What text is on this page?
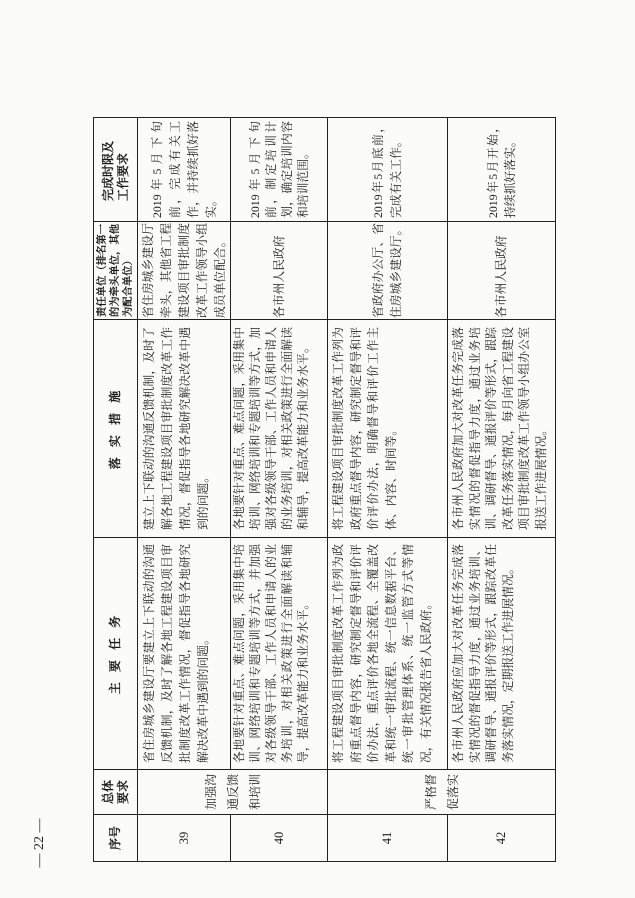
序号	总体要求	主 要 任 务	落 实 措 施	责任单位（排名第一的为牵头单位，其他为配合单位）	完成时限及工作要求
39	加强沟通反馈和培训	省住房城乡建设厅要建立上下联动的沟通反馈机制，及时了解各地工程建设项目审批制度改革工作情况，督促指导各地研究解决改革中遇到的问题。	建立上下联动的沟通反馈机制，及时了解各地工程建设项目审批制度改革工作情况，督促指导各地研究解决改革中遇到的问题。	省住房城乡建设厅牵头，其他省工程建设项目审批制度改革工作领导小组成员单位配合。	2019年5月下旬前，完成有关工作，并持续抓好落实。
40		各地要针对重点、难点问题，采用集中培训、网络培训和专题培训等方式，并加强对各级领导干部、工作人员和申请人的业务培训，对相关政策进行全面解读和辅导，提高改革能力和业务水平。	各地要针对重点、难点问题，采用集中培训、网络培训和专题培训等方式，加强对各级领导干部、工作人员和申请人的业务培训，对相关政策进行全面解读和辅导，提高改革能力和业务水平。	各市州人民政府	2019年5月下旬前，制定培训计划，确定培训内容和培训范围。
41	严格督促落实	将工程建设项目审批制度改革工作列为政府重点督导内容，研究制定督导和评价评价办法，重点评价各地全流程、全覆盖改革和统一审批流程、统一信息数据平台、统一审批管理体系、统一监管方式等情况，有关情况报告省人民政府。	将工程建设项目审批制度改革工作列为政府重点督导内容，研究制定督导和评价评价办法，明确督导和评价工作主体、内容、时间等。	省政府办公厅、省住房城乡建设厅。	2019年5月底前，完成有关工作。
42		各市州人民政府应加大对改革任务完成落实情况的督促指导力度，通过业务培训、调研督导、通报评价等形式，跟踪改革任务落实情况，定期报送工作进展情况。	各市州人民政府加大对改革任务完成落实情况的督促指导力度，通过业务培训、调研督导、通报评价等形式，跟踪改革任务落实情况，每月向省工程建设项目审批制度改革工作领导小组办公室报送工作进展情况。	各市州人民政府	2019年5月开始，持续抓好落实。
— 22 —
